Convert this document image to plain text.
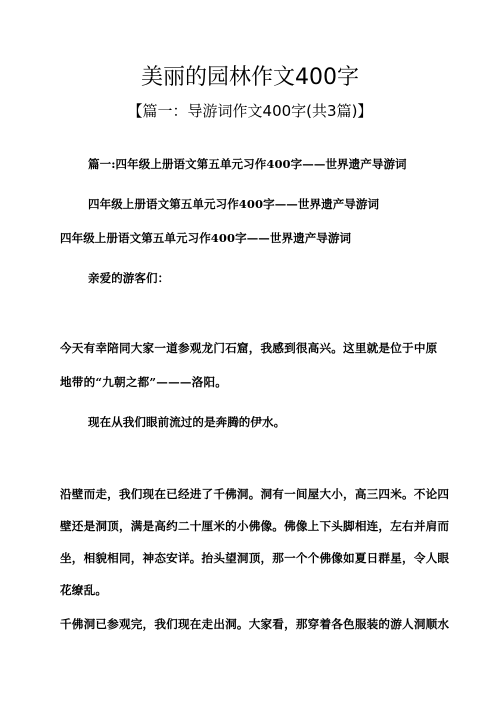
美丽的园林作文400字
【篇一：导游词作文400字(共3篇)】
篇一:四年级上册语文第五单元习作400字——世界遗产导游词
四年级上册语文第五单元习作400字——世界遗产导游词
四年级上册语文第五单元习作400字——世界遗产导游词
亲爱的游客们：
今天有幸陪同大家一道参观龙门石窟，我感到很高兴。这里就是位于中原
地带的“九朝之都”———洛阳。
现在从我们眼前流过的是奔腾的伊水。
沿壁而走，我们现在已经进了千佛洞。洞有一间屋大小，高三四米。不论四
壁还是洞顶，满是高约二十厘米的小佛像。佛像上下头脚相连，左右并肩而
坐，相貌相同，神态安详。抬头望洞顶，那一个个佛像如夏日群星，令人眼
花缭乱。
千佛洞已参观完，我们现在走出洞。大家看，那穿着各色服装的游人洞顺水
